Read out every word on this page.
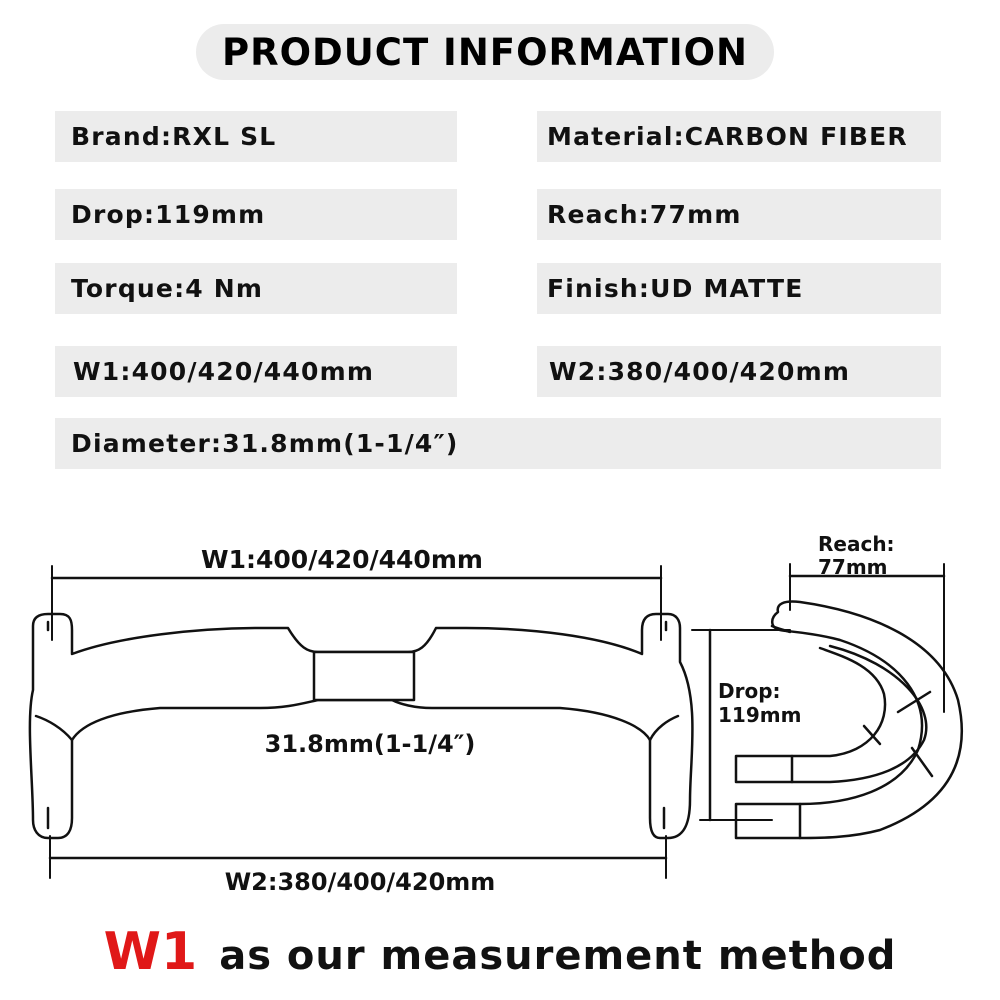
PRODUCT INFORMATION
Brand:RXL SL	Material:CARBON FIBER
Drop:119mm	Reach:77mm
Torque:4 Nm	Finish:UD MATTE
W1:400/420/440mm	W2:380/400/420mm
Diameter:31.8mm(1-1/4″)
W1:400/420/440mm
31.8mm(1-1/4″)
W2:380/400/420mm
Reach:
77mm
Drop:
119mm
W1 as our measurement method
